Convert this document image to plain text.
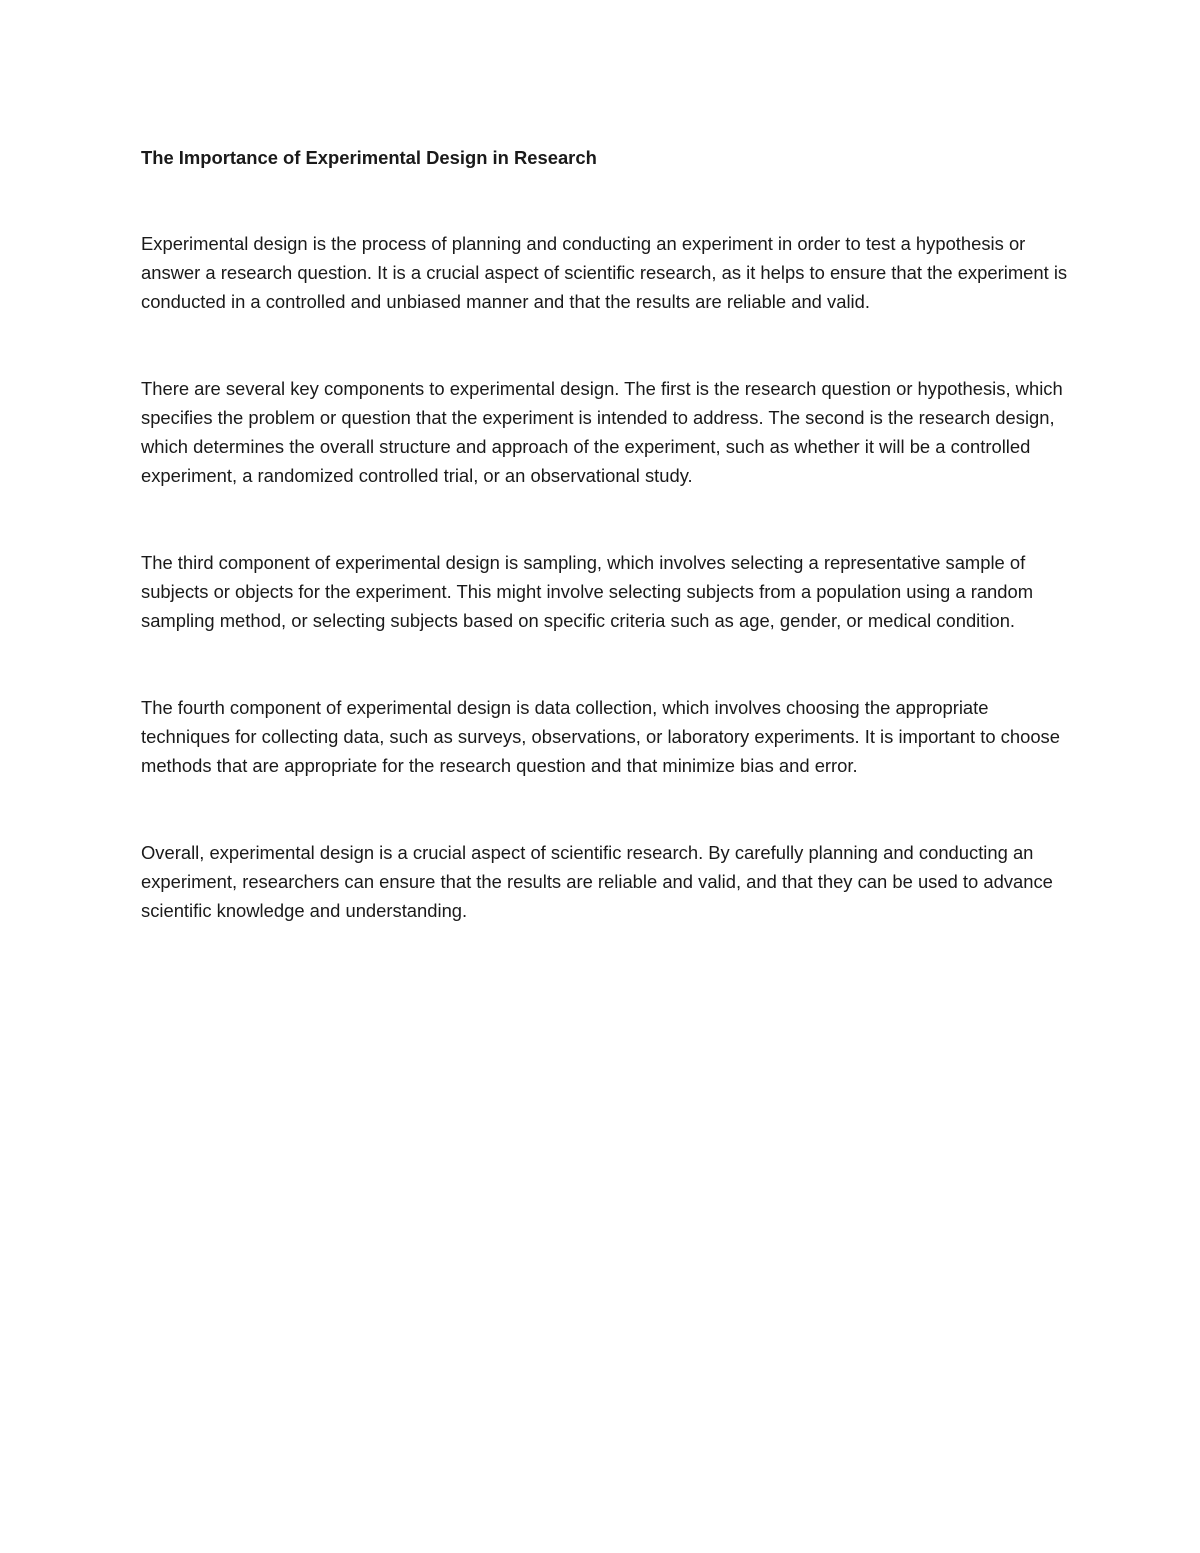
The Importance of Experimental Design in Research

Experimental design is the process of planning and conducting an experiment in order to test a hypothesis or answer a research question. It is a crucial aspect of scientific research, as it helps to ensure that the experiment is conducted in a controlled and unbiased manner and that the results are reliable and valid.

There are several key components to experimental design. The first is the research question or hypothesis, which specifies the problem or question that the experiment is intended to address. The second is the research design, which determines the overall structure and approach of the experiment, such as whether it will be a controlled experiment, a randomized controlled trial, or an observational study.

The third component of experimental design is sampling, which involves selecting a representative sample of subjects or objects for the experiment. This might involve selecting subjects from a population using a random sampling method, or selecting subjects based on specific criteria such as age, gender, or medical condition.

The fourth component of experimental design is data collection, which involves choosing the appropriate techniques for collecting data, such as surveys, observations, or laboratory experiments. It is important to choose methods that are appropriate for the research question and that minimize bias and error.

Overall, experimental design is a crucial aspect of scientific research. By carefully planning and conducting an experiment, researchers can ensure that the results are reliable and valid, and that they can be used to advance scientific knowledge and understanding.
